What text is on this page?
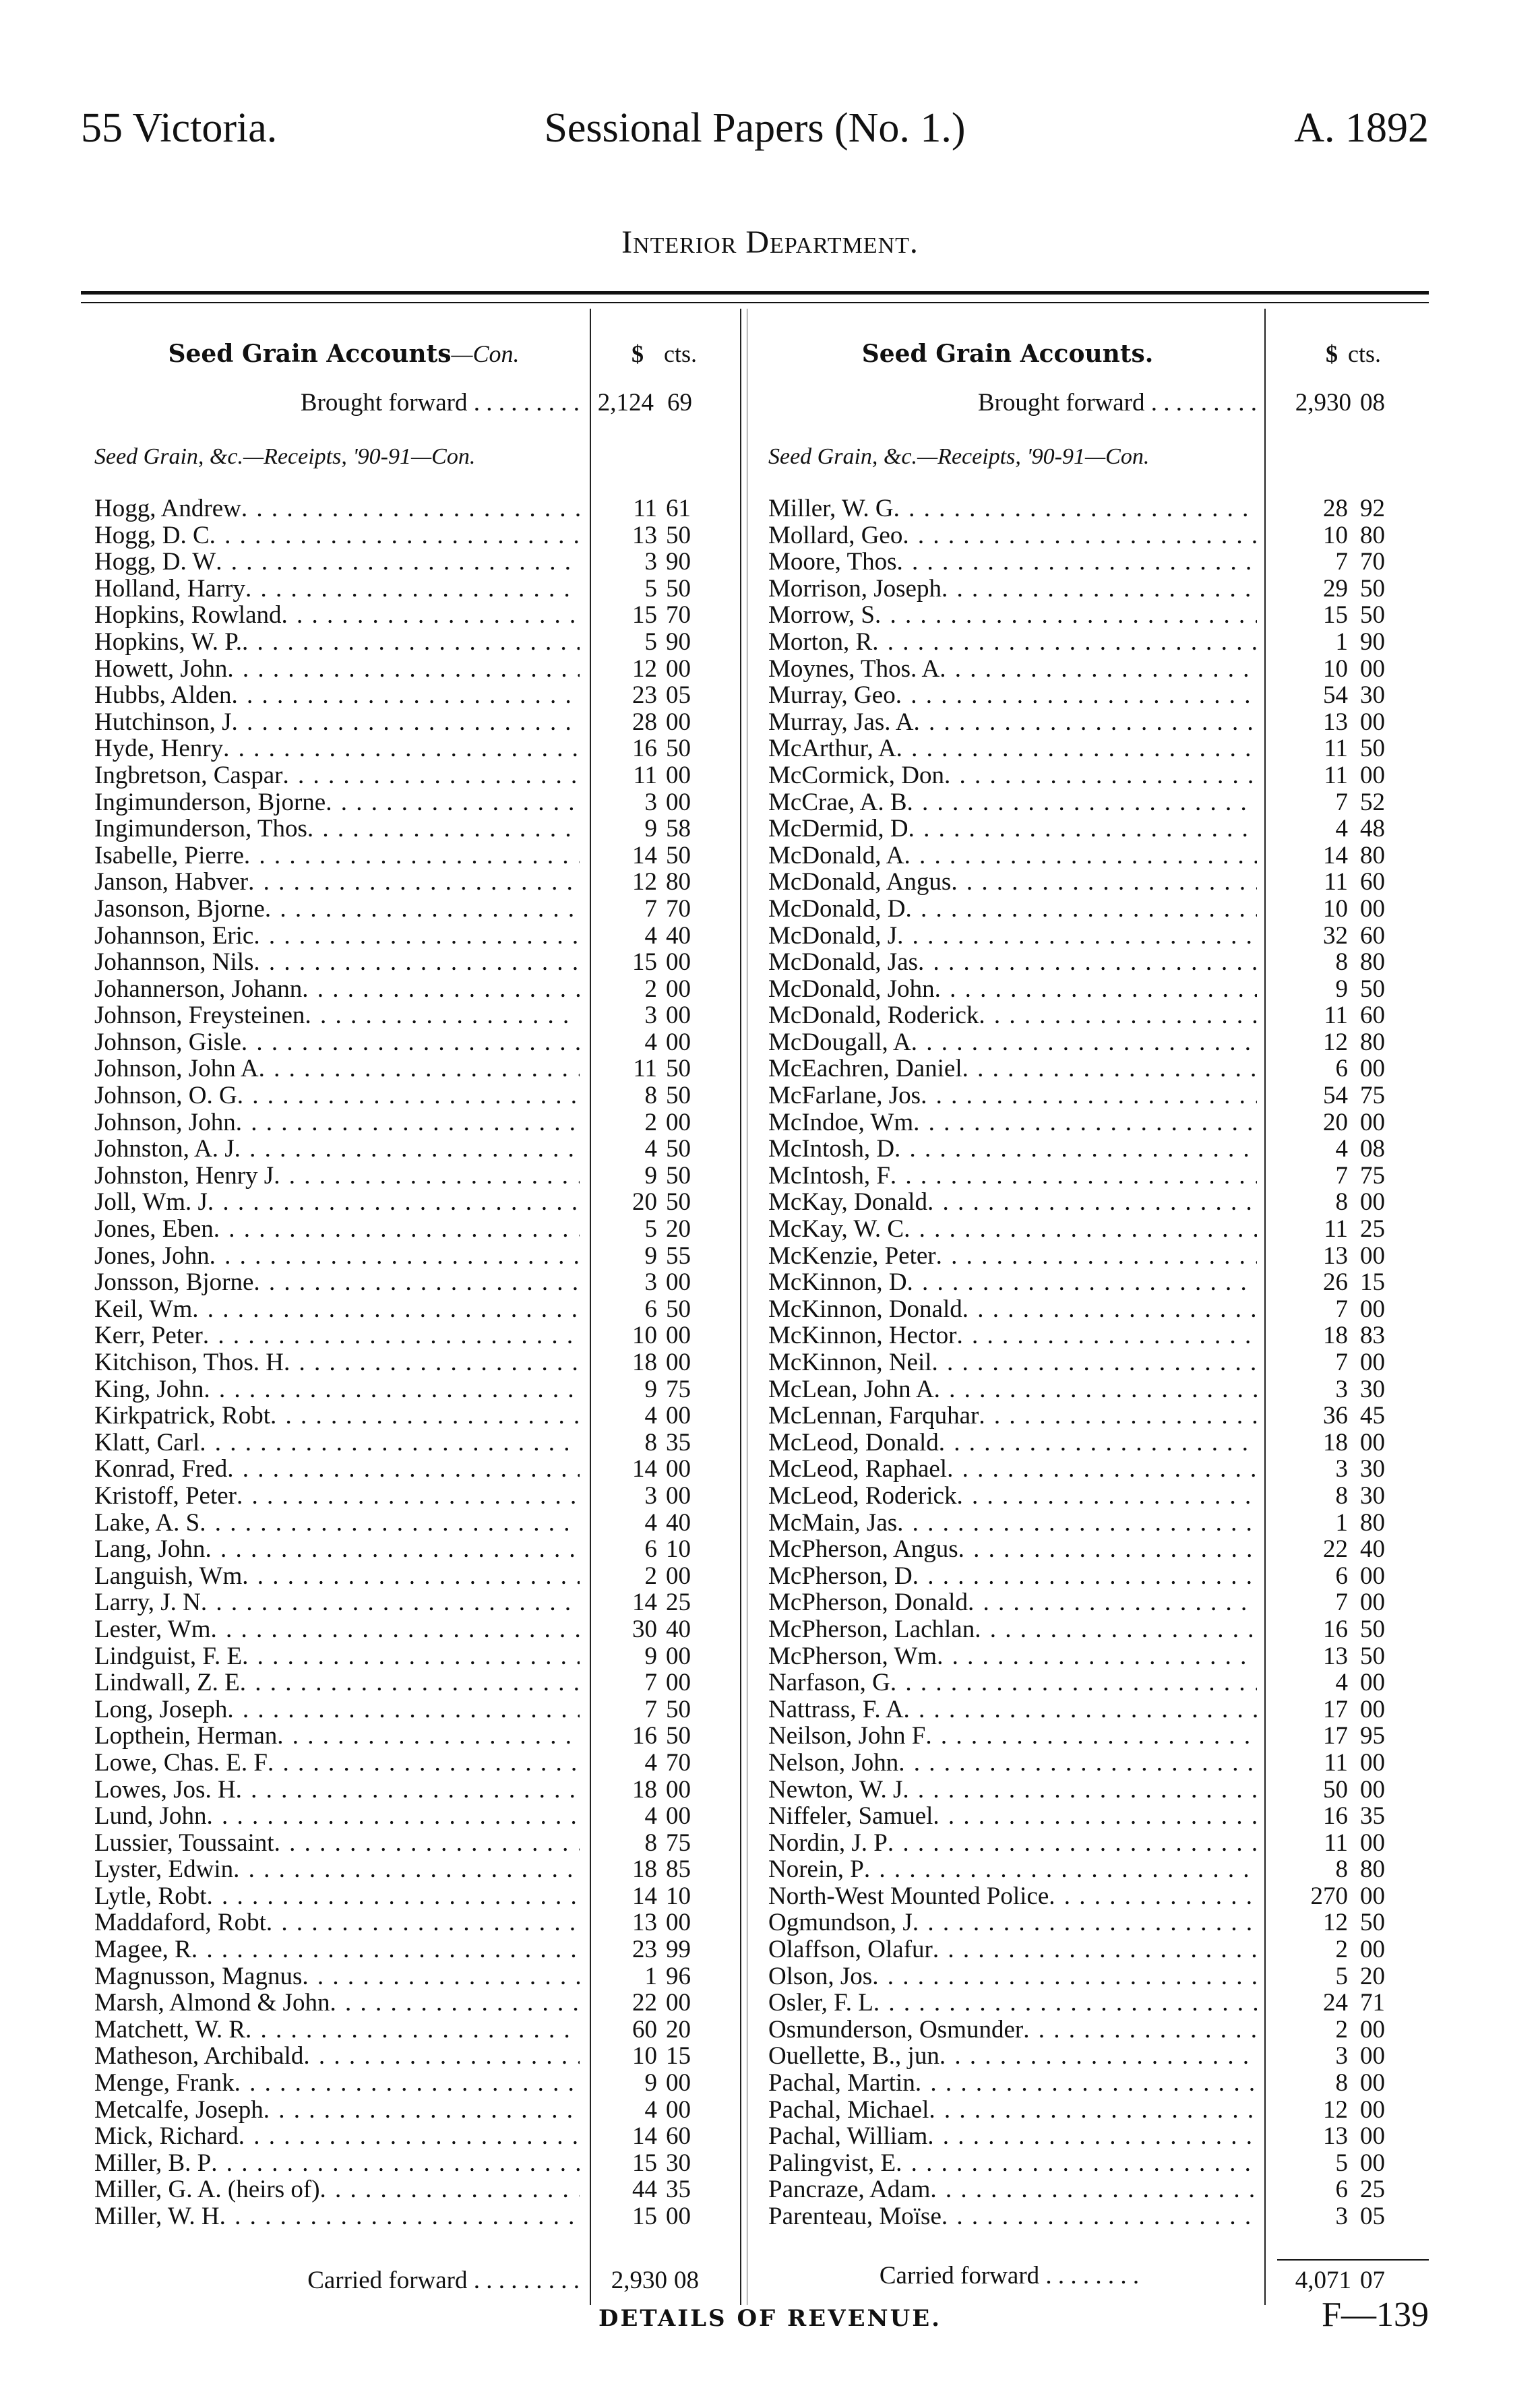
55 Victoria.	Sessional Papers (No. 1.)	A. 1892
Interior Department.
Seed Grain Accounts—Con.	$ cts.
Brought forward . . . . . . . . . 2,124 69
Seed Grain, &c.—Receipts, '90-91—Con.
Seed Grain Accounts.	$ cts.
Brought forward . . . . . . . . .	2,930 08
Seed Grain, &c.—Receipts, '90-91—Con.
Hogg, Andrew . . .	11 61
Hogg, D. C . . .	13 50
Hogg, D. W . . .	3 90
Holland, Harry . . .	5 50
Hopkins, Rowland . . .	15 70
Hopkins, W. P. . . .	5 90
Howett, John . . .	12 00
Hubbs, Alden . . .	23 05
Hutchinson, J . . .	28 00
Hyde, Henry . . .	16 50
Ingbretson, Caspar . . .	11 00
Ingimunderson, Bjorne . . .	3 00
Ingimunderson, Thos . . .	9 58
Isabelle, Pierre . . .	14 50
Janson, Habver . . .	12 80
Jasonson, Bjorne . . .	7 70
Johannson, Eric . . .	4 40
Johannson, Nils . . .	15 00
Johannerson, Johann . . .	2 00
Johnson, Freysteinen . . .	3 00
Johnson, Gisle . . .	4 00
Johnson, John A . . .	11 50
Johnson, O. G . . .	8 50
Johnson, John . . .	2 00
Johnston, A. J . . .	4 50
Johnston, Henry J . . .	9 50
Joll, Wm. J . . .	20 50
Jones, Eben . . .	5 20
Jones, John . . .	9 55
Jonsson, Bjorne . . .	3 00
Keil, Wm . . .	6 50
Kerr, Peter . . .	10 00
Kitchison, Thos. H . . .	18 00
King, John . . .	9 75
Kirkpatrick, Robt . . .	4 00
Klatt, Carl . . .	8 35
Konrad, Fred . . .	14 00
Kristoff, Peter . . .	3 00
Lake, A. S . . .	4 40
Lang, John . . .	6 10
Languish, Wm . . .	2 00
Larry, J. N . . .	14 25
Lester, Wm . . .	30 40
Lindguist, F. E . . .	9 00
Lindwall, Z. E . . .	7 00
Long, Joseph . . .	7 50
Lopthein, Herman . . .	16 50
Lowe, Chas. E. F . . .	4 70
Lowes, Jos. H . . .	18 00
Lund, John . . .	4 00
Lussier, Toussaint . . .	8 75
Lyster, Edwin . . .	18 85
Lytle, Robt . . .	14 10
Maddaford, Robt . . .	13 00
Magee, R . . .	23 99
Magnusson, Magnus . . .	1 96
Marsh, Almond & John . . .	22 00
Matchett, W. R . . .	60 20
Matheson, Archibald . . .	10 15
Menge, Frank . . .	9 00
Metcalfe, Joseph . . .	4 00
Mick, Richard . . .	14 60
Miller, B. P . . .	15 30
Miller, G. A. (heirs of) . . .	44 35
Miller, W. H . . .	15 00
Miller, W. G . . .	28 92
Mollard, Geo . . .	10 80
Moore, Thos . . .	7 70
Morrison, Joseph . . .	29 50
Morrow, S . . .	15 50
Morton, R . . .	1 90
Moynes, Thos. A . . .	10 00
Murray, Geo . . .	54 30
Murray, Jas. A . . .	13 00
McArthur, A . . .	11 50
McCormick, Don . . .	11 00
McCrae, A. B . . .	7 52
McDermid, D . . .	4 48
McDonald, A . . .	14 80
McDonald, Angus . . .	11 60
McDonald, D . . .	10 00
McDonald, J . . .	32 60
McDonald, Jas . . .	8 80
McDonald, John . . .	9 50
McDonald, Roderick . . .	11 60
McDougall, A . . .	12 80
McEachren, Daniel . . .	6 00
McFarlane, Jos . . .	54 75
McIndoe, Wm . . .	20 00
McIntosh, D . . .	4 08
McIntosh, F . . .	7 75
McKay, Donald . . .	8 00
McKay, W. C . . .	11 25
McKenzie, Peter . . .	13 00
McKinnon, D . . .	26 15
McKinnon, Donald . . .	7 00
McKinnon, Hector . . .	18 83
McKinnon, Neil . . .	7 00
McLean, John A . . .	3 30
McLennan, Farquhar . . .	36 45
McLeod, Donald . . .	18 00
McLeod, Raphael . . .	3 30
McLeod, Roderick . . .	8 30
McMain, Jas . . .	1 80
McPherson, Angus . . .	22 40
McPherson, D . . .	6 00
McPherson, Donald . . .	7 00
McPherson, Lachlan . . .	16 50
McPherson, Wm . . .	13 50
Narfason, G . . .	4 00
Nattrass, F. A . . .	17 00
Neilson, John F . . .	17 95
Nelson, John . . .	11 00
Newton, W. J . . .	50 00
Niffeler, Samuel . . .	16 35
Nordin, J. P . . .	11 00
Norein, P . . .	8 80
North-West Mounted Police . . .	270 00
Ogmundson, J . . .	12 50
Olaffson, Olafur . . .	2 00
Olson, Jos . . .	5 20
Osler, F. L . . .	24 71
Osmunderson, Osmunder . . .	2 00
Ouellette, B., jun . . .	3 00
Pachal, Martin . . .	8 00
Pachal, Michael . . .	12 00
Pachal, William . . .	13 00
Palingvist, E . . .	5 00
Pancraze, Adam . . .	6 25
Parenteau, Moïse . . .	3 05
Carried forward . . . . . . . . . 2,930 08	Carried forward . . . . . . . .	4,071 07
DETAILS OF REVENUE.	F—139
